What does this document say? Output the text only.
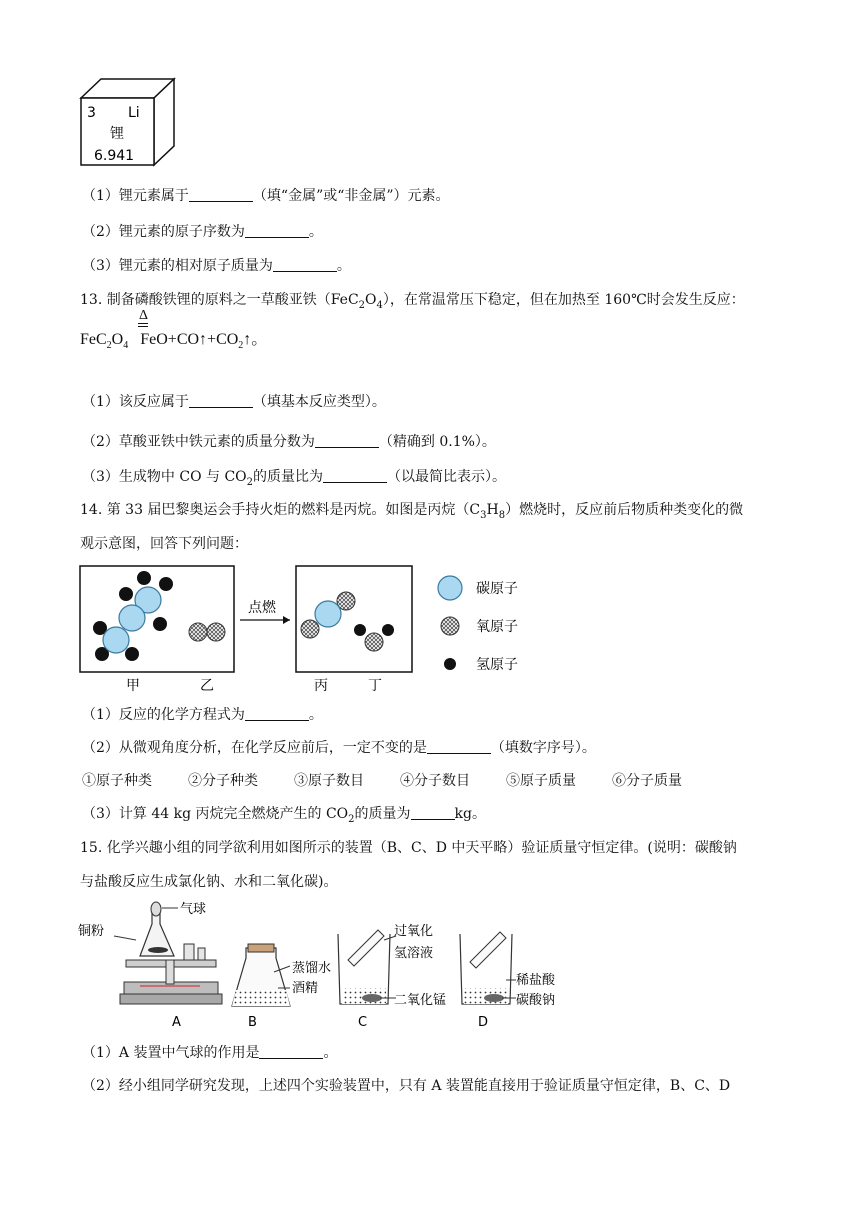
3 Li
锂
6.941
（1）锂元素属于	（填“金属”或“非金属”）元素。
（2）锂元素的原子序数为	。
（3）锂元素的相对原子质量为	。
13. 制备磷酸铁锂的原料之一草酸亚铁$(FeC_2O_4)$，在常温常压下稳定，但在加热至 160℃时会发生反应：
$FeC_2O_4$ $FeO+CO↑+CO_2↑$。
Δ
（1）该反应属于	（填基本反应类型）。
（2）草酸亚铁中铁元素的质量分数为	（精确到 0.1%）。
（3）生成物中 CO 与 $CO_2$的质量比为	（以最简比表示）。
14. 第 33 届巴黎奥运会手持火炬的燃料是丙烷。如图是丙烷$(C_3H_8)$燃烧时，反应前后物质种类变化的微
观示意图，回答下列问题：
点燃
甲	乙	丙	丁
碳原子
氧原子
氢原子
（1）反应的化学方程式为	。
（2）从微观角度分析，在化学反应前后，一定不变的是	（填数字序号）。
①原子种类	②分子种类	③原子数目	④分子数目	⑤原子质量	⑥分子质量
（3）计算 44 kg 丙烷完全燃烧产生的 $CO_2$的质量为	kg。
15. 化学兴趣小组的同学欲利用如图所示的装置（B、C、D 中天平略）验证质量守恒定律。(说明：碳酸钠
与盐酸反应生成氯化钠、水和二氧化碳)。
气球
铜粉
A
蒸馏水
酒精
B
过氧化
氢溶液
二氧化锰
C
稀盐酸
碳酸钠
D
（1）A 装置中气球的作用是	。
（2）经小组同学研究发现，上述四个实验装置中，只有 A 装置能直接用于验证质量守恒定律，B、C、D
